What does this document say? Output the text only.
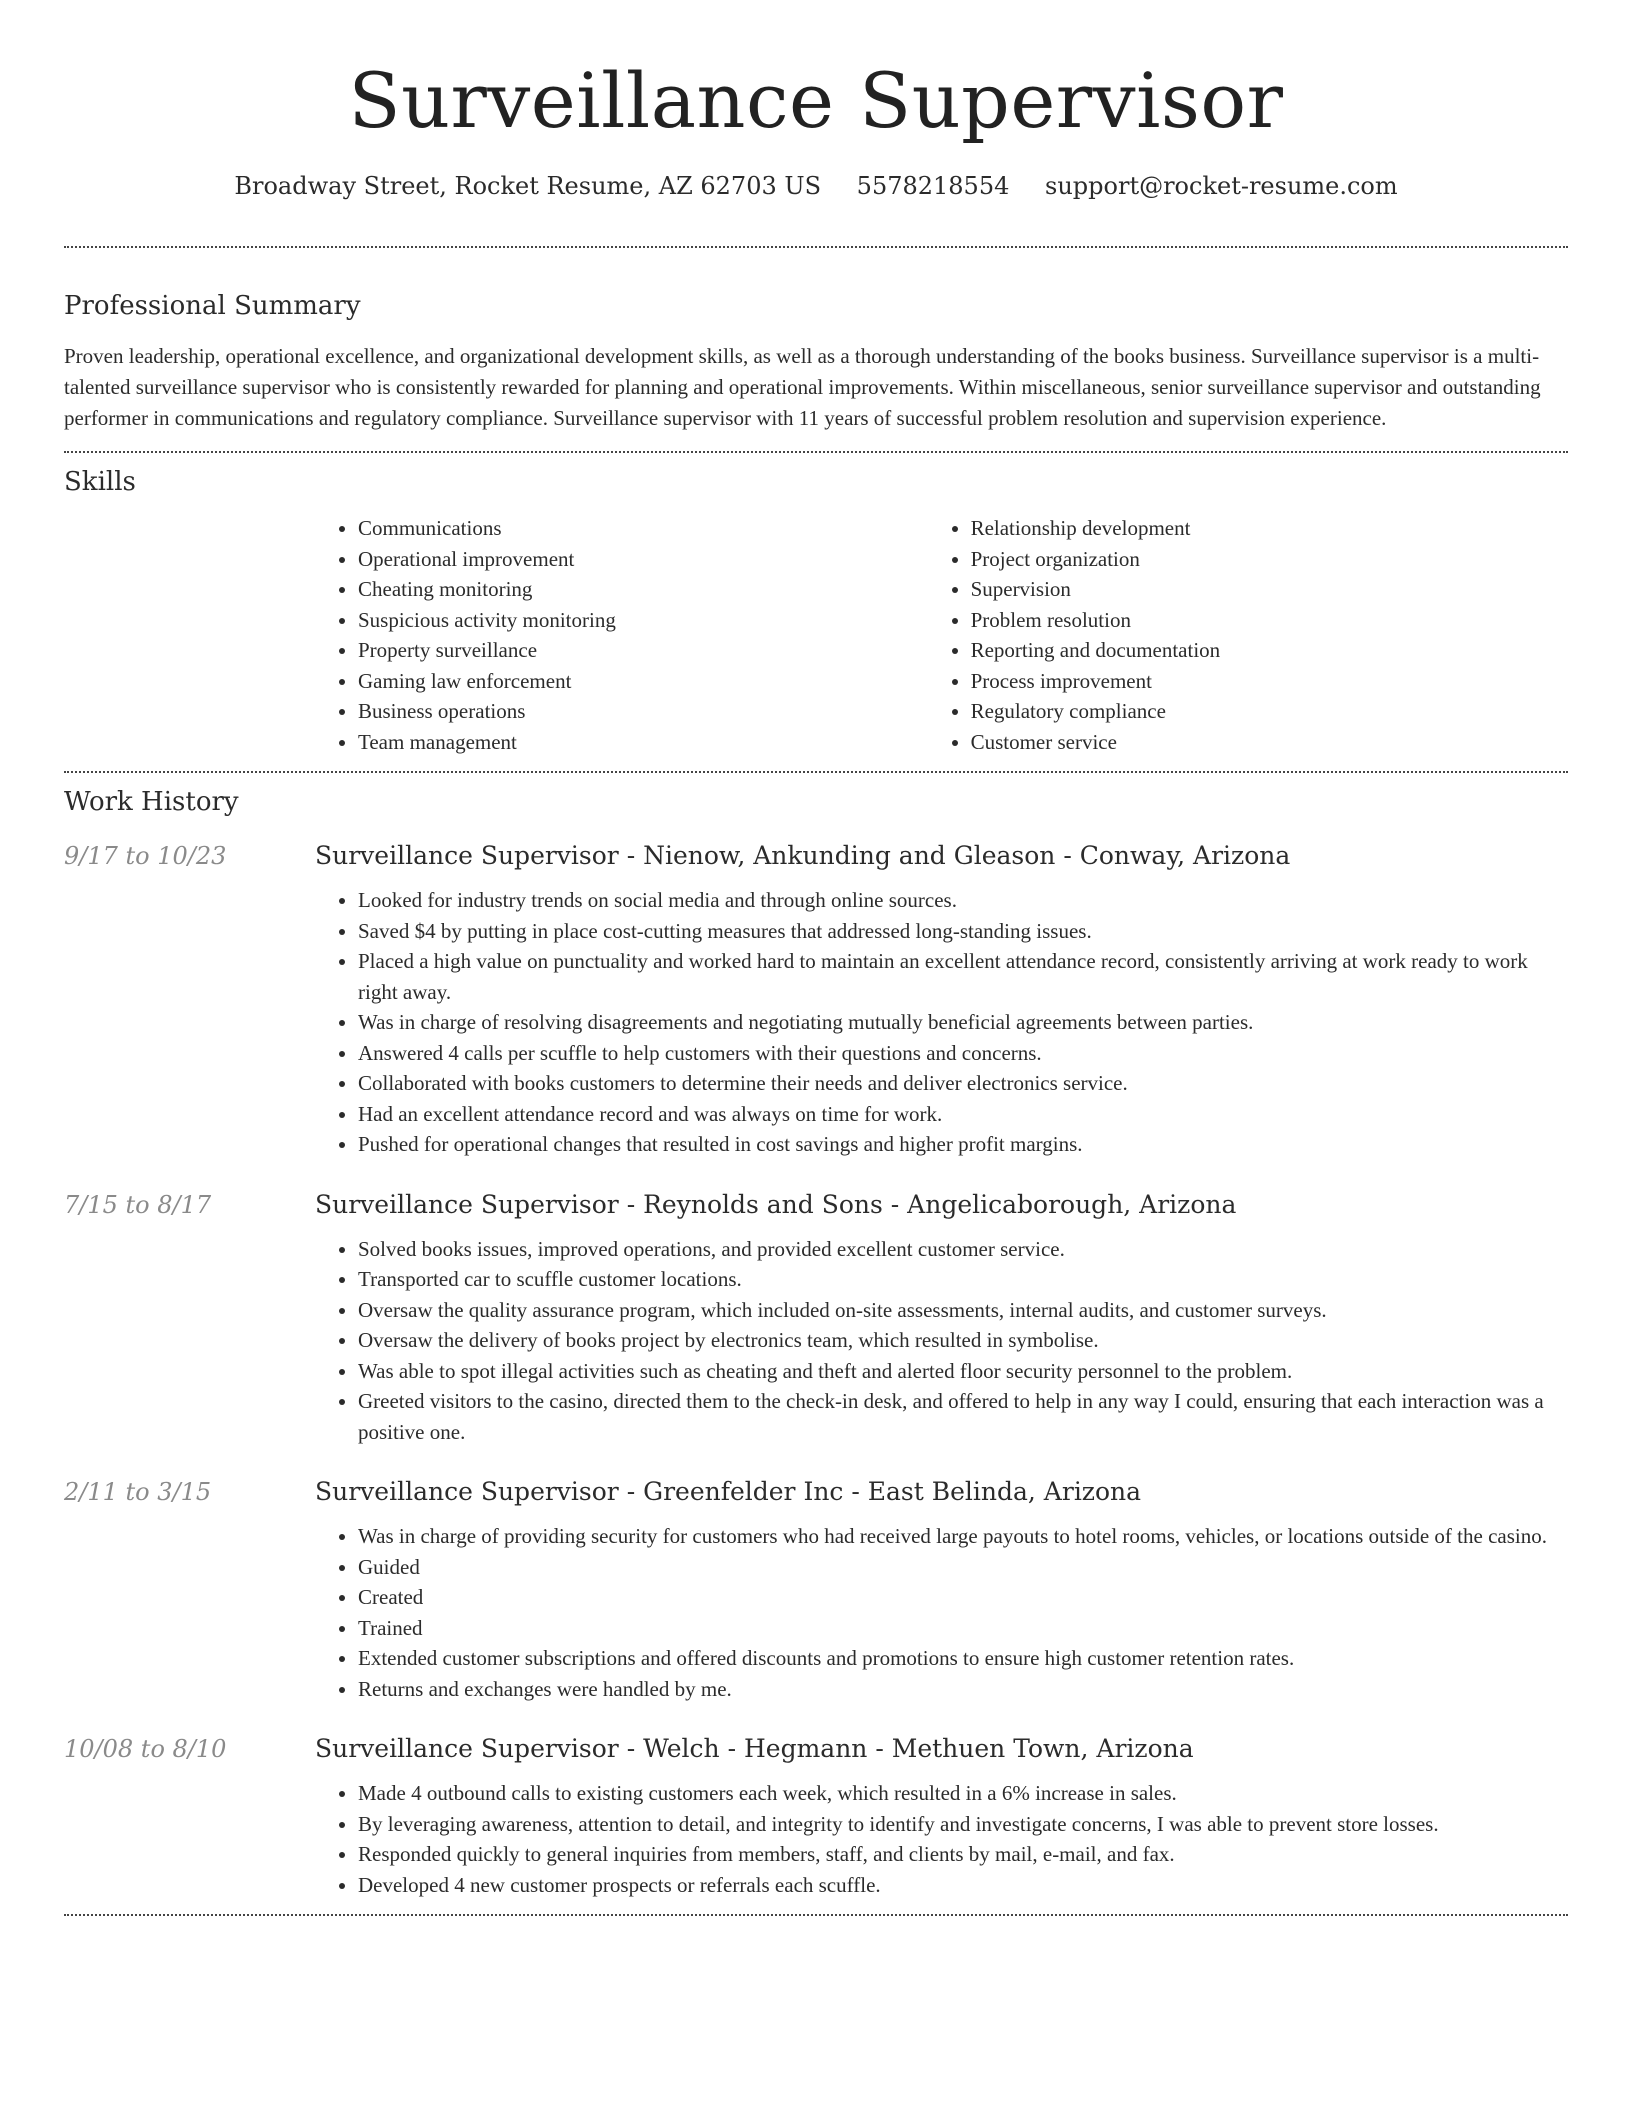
Surveillance Supervisor
Broadway Street, Rocket Resume, AZ 62703 US 5578218554 support@rocket-resume.com
Professional Summary

Proven leadership, operational excellence, and organizational development skills, as well as a thorough understanding of the books business. Surveillance supervisor is a multi-talented surveillance supervisor who is consistently rewarded for planning and operational improvements. Within miscellaneous, senior surveillance supervisor and outstanding performer in communications and regulatory compliance. Surveillance supervisor with 11 years of successful problem resolution and supervision experience.

Skills
• Communications
• Operational improvement
• Cheating monitoring
• Suspicious activity monitoring
• Property surveillance
• Gaming law enforcement
• Business operations
• Team management
• Relationship development
• Project organization
• Supervision
• Problem resolution
• Reporting and documentation
• Process improvement
• Regulatory compliance
• Customer service
Work History
9/17 to 10/23	Surveillance Supervisor - Nienow, Ankunding and Gleason - Conway, Arizona
• Looked for industry trends on social media and through online sources.
• Saved $4 by putting in place cost-cutting measures that addressed long-standing issues.
• Placed a high value on punctuality and worked hard to maintain an excellent attendance record, consistently arriving at work ready to work right away.
• Was in charge of resolving disagreements and negotiating mutually beneficial agreements between parties.
• Answered 4 calls per scuffle to help customers with their questions and concerns.
• Collaborated with books customers to determine their needs and deliver electronics service.
• Had an excellent attendance record and was always on time for work.
• Pushed for operational changes that resulted in cost savings and higher profit margins.
7/15 to 8/17	Surveillance Supervisor - Reynolds and Sons - Angelicaborough, Arizona
• Solved books issues, improved operations, and provided excellent customer service.
• Transported car to scuffle customer locations.
• Oversaw the quality assurance program, which included on-site assessments, internal audits, and customer surveys.
• Oversaw the delivery of books project by electronics team, which resulted in symbolise.
• Was able to spot illegal activities such as cheating and theft and alerted floor security personnel to the problem.
• Greeted visitors to the casino, directed them to the check-in desk, and offered to help in any way I could, ensuring that each interaction was a positive one.
2/11 to 3/15	Surveillance Supervisor - Greenfelder Inc - East Belinda, Arizona
• Was in charge of providing security for customers who had received large payouts to hotel rooms, vehicles, or locations outside of the casino.
• Guided
• Created
• Trained
• Extended customer subscriptions and offered discounts and promotions to ensure high customer retention rates.
• Returns and exchanges were handled by me.
10/08 to 8/10	Surveillance Supervisor - Welch - Hegmann - Methuen Town, Arizona
• Made 4 outbound calls to existing customers each week, which resulted in a 6% increase in sales.
• By leveraging awareness, attention to detail, and integrity to identify and investigate concerns, I was able to prevent store losses.
• Responded quickly to general inquiries from members, staff, and clients by mail, e-mail, and fax.
• Developed 4 new customer prospects or referrals each scuffle.
